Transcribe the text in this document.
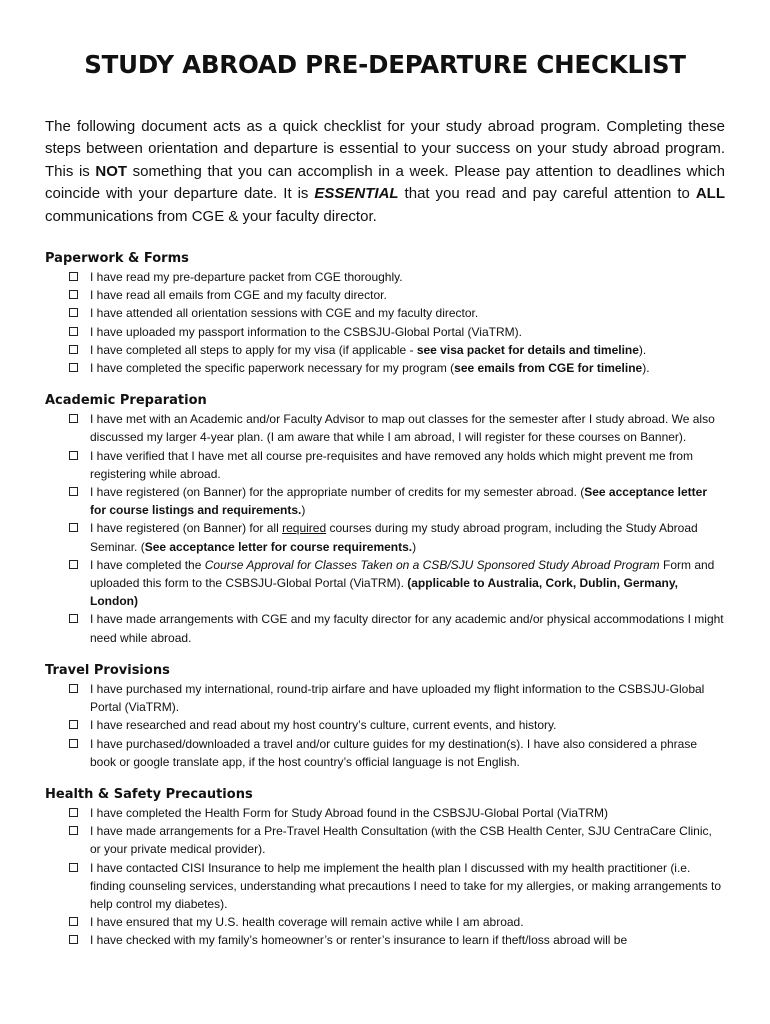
STUDY ABROAD PRE-DEPARTURE CHECKLIST

The following document acts as a quick checklist for your study abroad program. Completing these steps between orientation and departure is essential to your success on your study abroad program. This is NOT something that you can accomplish in a week. Please pay attention to deadlines which coincide with your departure date. It is ESSENTIAL that you read and pay careful attention to ALL communications from CGE & your faculty director.

Paperwork & Forms

I have read my pre-departure packet from CGE thoroughly.
I have read all emails from CGE and my faculty director.
I have attended all orientation sessions with CGE and my faculty director.
I have uploaded my passport information to the CSBSJU-Global Portal (ViaTRM).
I have completed all steps to apply for my visa (if applicable - see visa packet for details and timeline).
I have completed the specific paperwork necessary for my program (see emails from CGE for timeline).

Academic Preparation

I have met with an Academic and/or Faculty Advisor to map out classes for the semester after I study abroad. We also discussed my larger 4-year plan. (I am aware that while I am abroad, I will register for these courses on Banner).
I have verified that I have met all course pre-requisites and have removed any holds which might prevent me from registering while abroad.
I have registered (on Banner) for the appropriate number of credits for my semester abroad. (See acceptance letter for course listings and requirements.)
I have registered (on Banner) for all required courses during my study abroad program, including the Study Abroad Seminar. (See acceptance letter for course requirements.)
I have completed the Course Approval for Classes Taken on a CSB/SJU Sponsored Study Abroad Program Form and uploaded this form to the CSBSJU-Global Portal (ViaTRM). (applicable to Australia, Cork, Dublin, Germany, London)
I have made arrangements with CGE and my faculty director for any academic and/or physical accommodations I might need while abroad.

Travel Provisions

I have purchased my international, round-trip airfare and have uploaded my flight information to the CSBSJU-Global Portal (ViaTRM).
I have researched and read about my host country’s culture, current events, and history.
I have purchased/downloaded a travel and/or culture guides for my destination(s). I have also considered a phrase book or google translate app, if the host country’s official language is not English.

Health & Safety Precautions

I have completed the Health Form for Study Abroad found in the CSBSJU-Global Portal (ViaTRM)
I have made arrangements for a Pre-Travel Health Consultation (with the CSB Health Center, SJU CentraCare Clinic, or your private medical provider).
I have contacted CISI Insurance to help me implement the health plan I discussed with my health practitioner (i.e. finding counseling services, understanding what precautions I need to take for my allergies, or making arrangements to help control my diabetes).
I have ensured that my U.S. health coverage will remain active while I am abroad.
I have checked with my family’s homeowner’s or renter’s insurance to learn if theft/loss abroad will be
